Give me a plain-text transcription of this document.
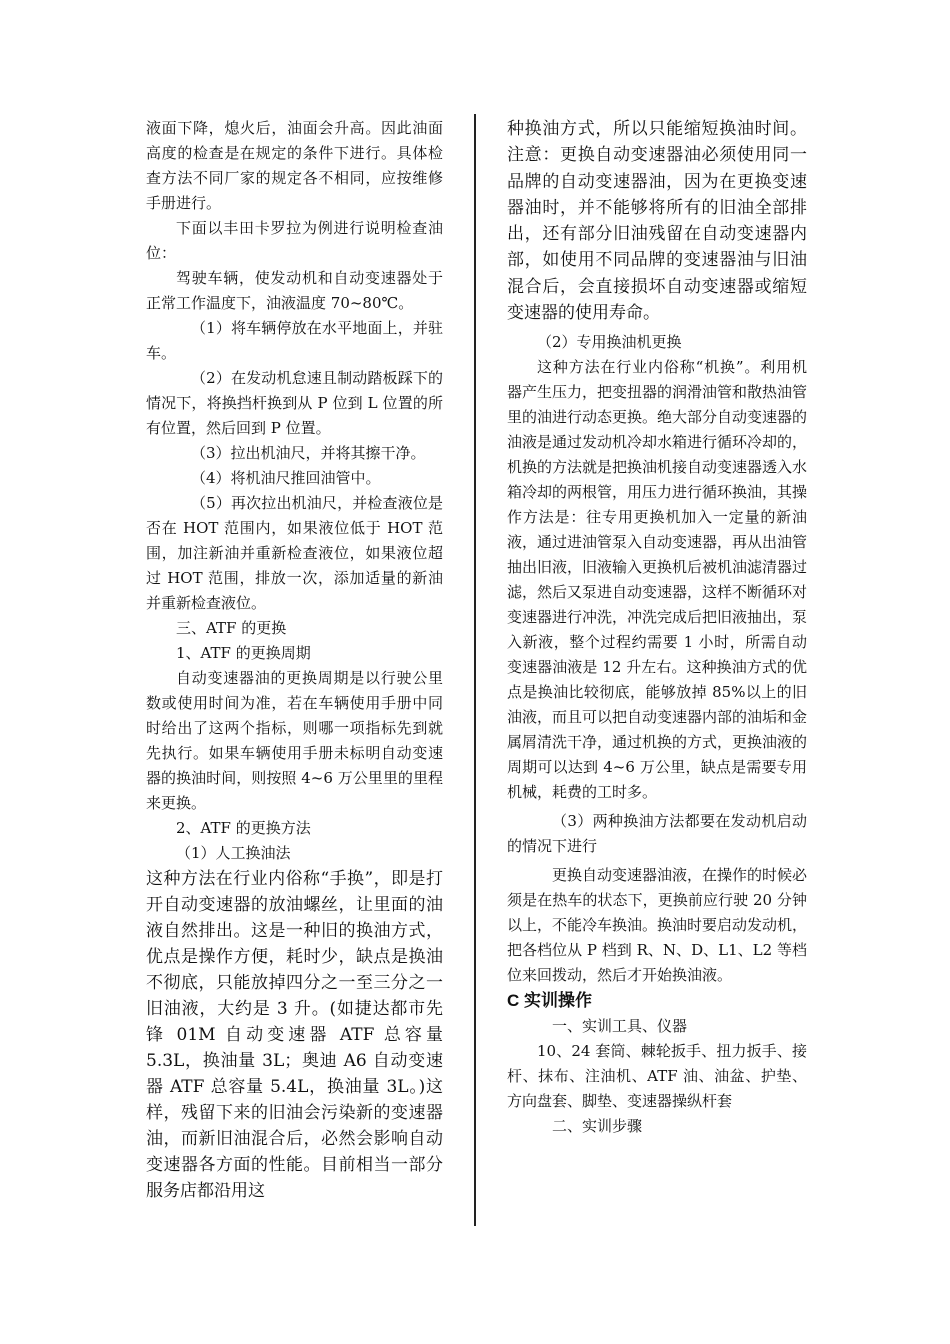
液面下降，熄火后，油面会升高。因此油面高度的检查是在规定的条件下进行。具体检查方法不同厂家的规定各不相同，应按维修手册进行。

下面以丰田卡罗拉为例进行说明检查油位：

驾驶车辆，使发动机和自动变速器处于正常工作温度下，油液温度 70~80℃。

（1）将车辆停放在水平地面上，并驻车。

（2）在发动机怠速且制动踏板踩下的情况下，将换挡杆换到从 P 位到 L 位置的所有位置，然后回到 P 位置。

（3）拉出机油尺，并将其擦干净。

（4）将机油尺推回油管中。

（5）再次拉出机油尺，并检查液位是否在 HOT 范围内，如果液位低于 HOT 范围，加注新油并重新检查液位，如果液位超过 HOT 范围，排放一次，添加适量的新油并重新检查液位。

三、ATF 的更换

1、ATF 的更换周期

自动变速器油的更换周期是以行驶公里数或使用时间为准，若在车辆使用手册中同时给出了这两个指标，则哪一项指标先到就先执行。如果车辆使用手册未标明自动变速器的换油时间，则按照 4~6 万公里里的里程来更换。

2、ATF 的更换方法

（1）人工换油法

这种方法在行业内俗称“手换”，即是打开自动变速器的放油螺丝，让里面的油液自然排出。这是一种旧的换油方式，优点是操作方便，耗时少，缺点是换油不彻底，只能放掉四分之一至三分之一旧油液，大约是 3 升。(如捷达都市先锋 01M 自动变速器 ATF 总容量 5.3L，换油量 3L；奥迪 A6 自动变速器 ATF 总容量 5.4L，换油量 3L。)这样，残留下来的旧油会污染新的变速器油，而新旧油混合后，必然会影响自动变速器各方面的性能。目前相当一部分服务店都沿用这

种换油方式，所以只能缩短换油时间。注意：更换自动变速器油必须使用同一品牌的自动变速器油，因为在更换变速器油时，并不能够将所有的旧油全部排出，还有部分旧油残留在自动变速器内部，如使用不同品牌的变速器油与旧油混合后，会直接损坏自动变速器或缩短变速器的使用寿命。

（2）专用换油机更换

这种方法在行业内俗称“机换”。利用机器产生压力，把变扭器的润滑油管和散热油管里的油进行动态更换。绝大部分自动变速器的油液是通过发动机冷却水箱进行循环冷却的，机换的方法就是把换油机接自动变速器透入水箱冷却的两根管，用压力进行循环换油，其操作方法是：往专用更换机加入一定量的新油液，通过进油管泵入自动变速器，再从出油管抽出旧液，旧液输入更换机后被机油滤清器过滤，然后又泵进自动变速器，这样不断循环对变速器进行冲洗，冲洗完成后把旧液抽出，泵入新液，整个过程约需要 1 小时，所需自动变速器油液是 12 升左右。这种换油方式的优点是换油比较彻底，能够放掉 85%以上的旧油液，而且可以把自动变速器内部的油垢和金属屑清洗干净，通过机换的方式，更换油液的周期可以达到 4~6 万公里，缺点是需要专用机械，耗费的工时多。

（3）两种换油方法都要在发动机启动的情况下进行

更换自动变速器油液，在操作的时候必须是在热车的状态下，更换前应行驶 20 分钟以上，不能冷车换油。换油时要启动发动机，把各档位从 P 档到 R、N、D、L1、L2 等档位来回拨动，然后才开始换油液。

C 实训操作

一、实训工具、仪器

10、24 套筒、棘轮扳手、扭力扳手、接杆、抹布、注油机、ATF 油、油盆、护垫、方向盘套、脚垫、变速器操纵杆套

二、实训步骤
